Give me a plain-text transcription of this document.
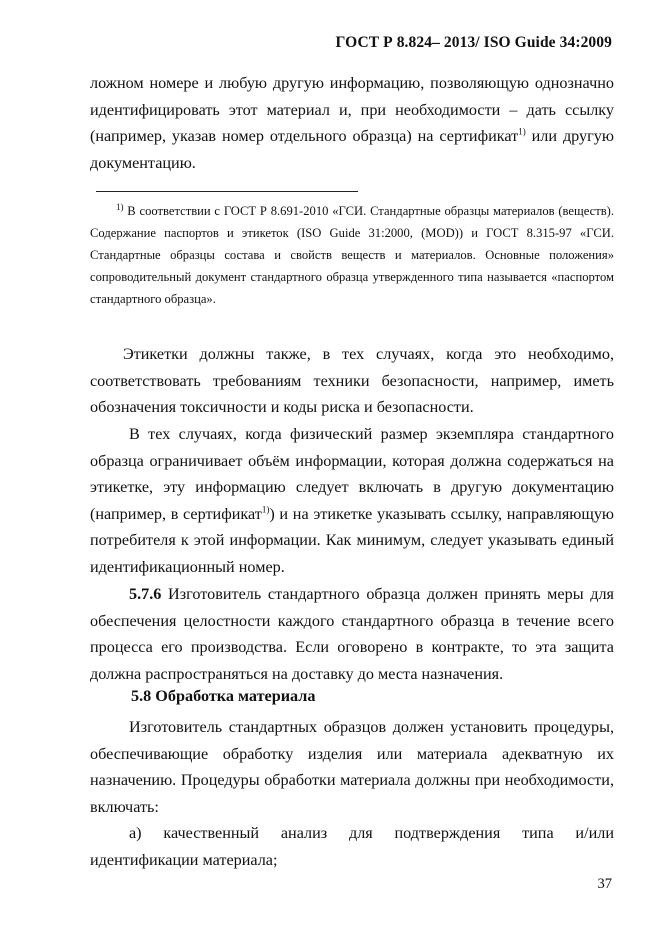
ГОСТ Р 8.824– 2013/ ISO Guide 34:2009

ложном номере и любую другую информацию, позволяющую однозначно идентифицировать этот материал и, при необходимости – дать ссылку (например, указав номер отдельного образца) на сертификат$^{1)}$ или другую документацию.

$^{1)}$ В соответствии с ГОСТ Р 8.691-2010 «ГСИ. Стандартные образцы материалов (веществ). Содержание паспортов и этикеток (ISO Guide 31:2000, (MOD)) и ГОСТ 8.315-97 «ГСИ. Стандартные образцы состава и свойств веществ и материалов. Основные положения» сопроводительный документ стандартного образца утвержденного типа называется «паспортом стандартного образца».

Этикетки должны также, в тех случаях, когда это необходимо, соответствовать требованиям техники безопасности, например, иметь обозначения токсичности и коды риска и безопасности.

В тех случаях, когда физический размер экземпляра стандартного образца ограничивает объём информации, которая должна содержаться на этикетке, эту информацию следует включать в другую документацию (например, в сертификат$^{1)}$) и на этикетке указывать ссылку, направляющую потребителя к этой информации. Как минимум, следует указывать единый идентификационный номер.

5.7.6 Изготовитель стандартного образца должен принять меры для обеспечения целостности каждого стандартного образца в течение всего процесса его производства. Если оговорено в контракте, то эта защита должна распространяться на доставку до места назначения.

5.8 Обработка материала

Изготовитель стандартных образцов должен установить процедуры, обеспечивающие обработку изделия или материала адекватную их назначению. Процедуры обработки материала должны при необходимости, включать:

а) качественный анализ для подтверждения типа и/или идентификации материала;

37
